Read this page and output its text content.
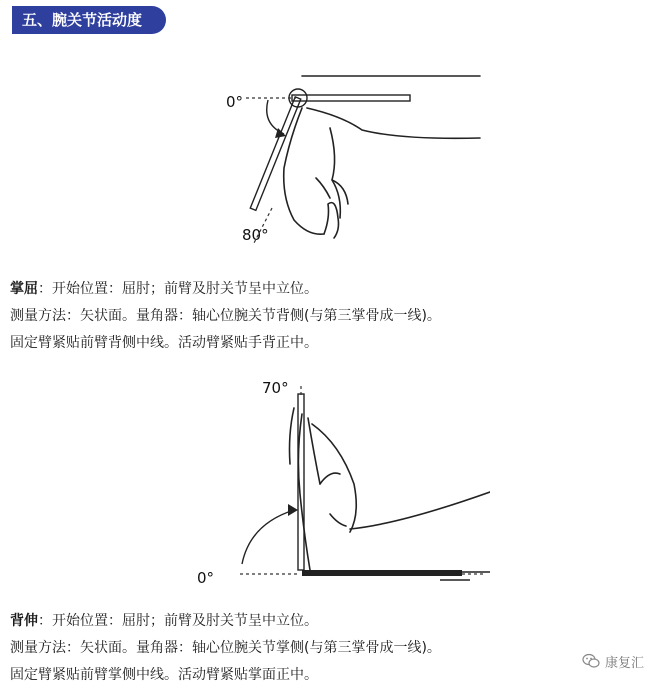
五、腕关节活动度
0°
80°
掌屈：开始位置：屈肘；前臂及肘关节呈中立位。
测量方法：矢状面。量角器：轴心位腕关节背侧(与第三掌骨成一线)。
固定臂紧贴前臂背侧中线。活动臂紧贴手背正中。
70°
0°
背伸：开始位置：屈肘；前臂及肘关节呈中立位。
测量方法：矢状面。量角器：轴心位腕关节掌侧(与第三掌骨成一线)。
固定臂紧贴前臂掌侧中线。活动臂紧贴掌面正中。
康复汇
